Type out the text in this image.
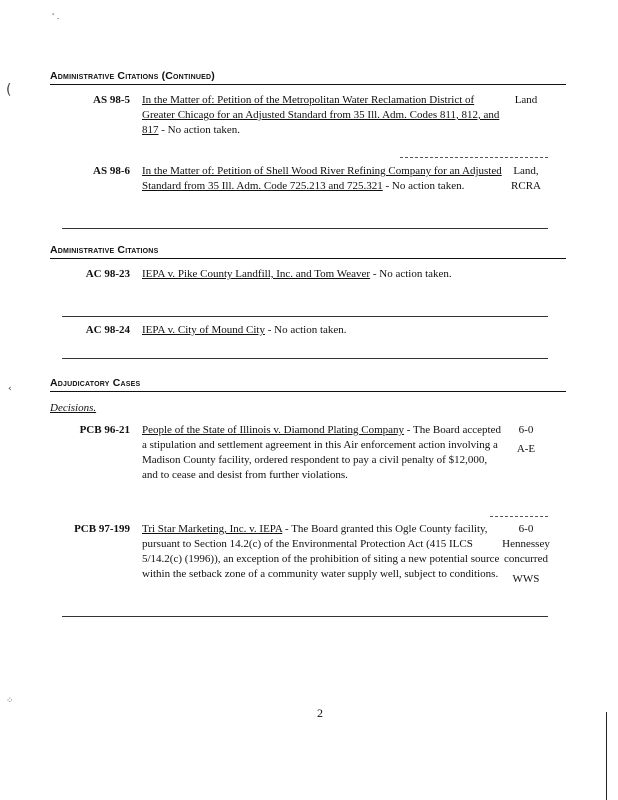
' .
(
‹
⁘
Administrative Citations (Continued)
AS 98-5 In the Matter of: Petition of the Metropolitan Water Reclamation District of Greater Chicago for an Adjusted Standard from 35 Ill. Adm. Codes 811, 812, and 817 - No action taken.
Land
AS 98-6 In the Matter of: Petition of Shell Wood River Refining Company for an Adjusted Standard from 35 Ill. Adm. Code 725.213 and 725.321 - No action taken.
Land,
RCRA
Administrative Citations
AC 98-23 IEPA v. Pike County Landfill, Inc. and Tom Weaver - No action taken.
AC 98-24 IEPA v. City of Mound City - No action taken.
Adjudicatory Cases
Decisions.
PCB 96-21 People of the State of Illinois v. Diamond Plating Company - The Board accepted a stipulation and settlement agreement in this Air enforcement action involving a Madison County facility, ordered respondent to pay a civil penalty of $12,000, and to cease and desist from further violations.
6-0
A-E
PCB 97-199 Tri Star Marketing, Inc. v. IEPA - The Board granted this Ogle County facility, pursuant to Section 14.2(c) of the Environmental Protection Act (415 ILCS 5/14.2(c) (1996)), an exception of the prohibition of siting a new potential source within the setback zone of a community water supply well, subject to conditions.
6-0
Hennessey
concurred
WWS
2
